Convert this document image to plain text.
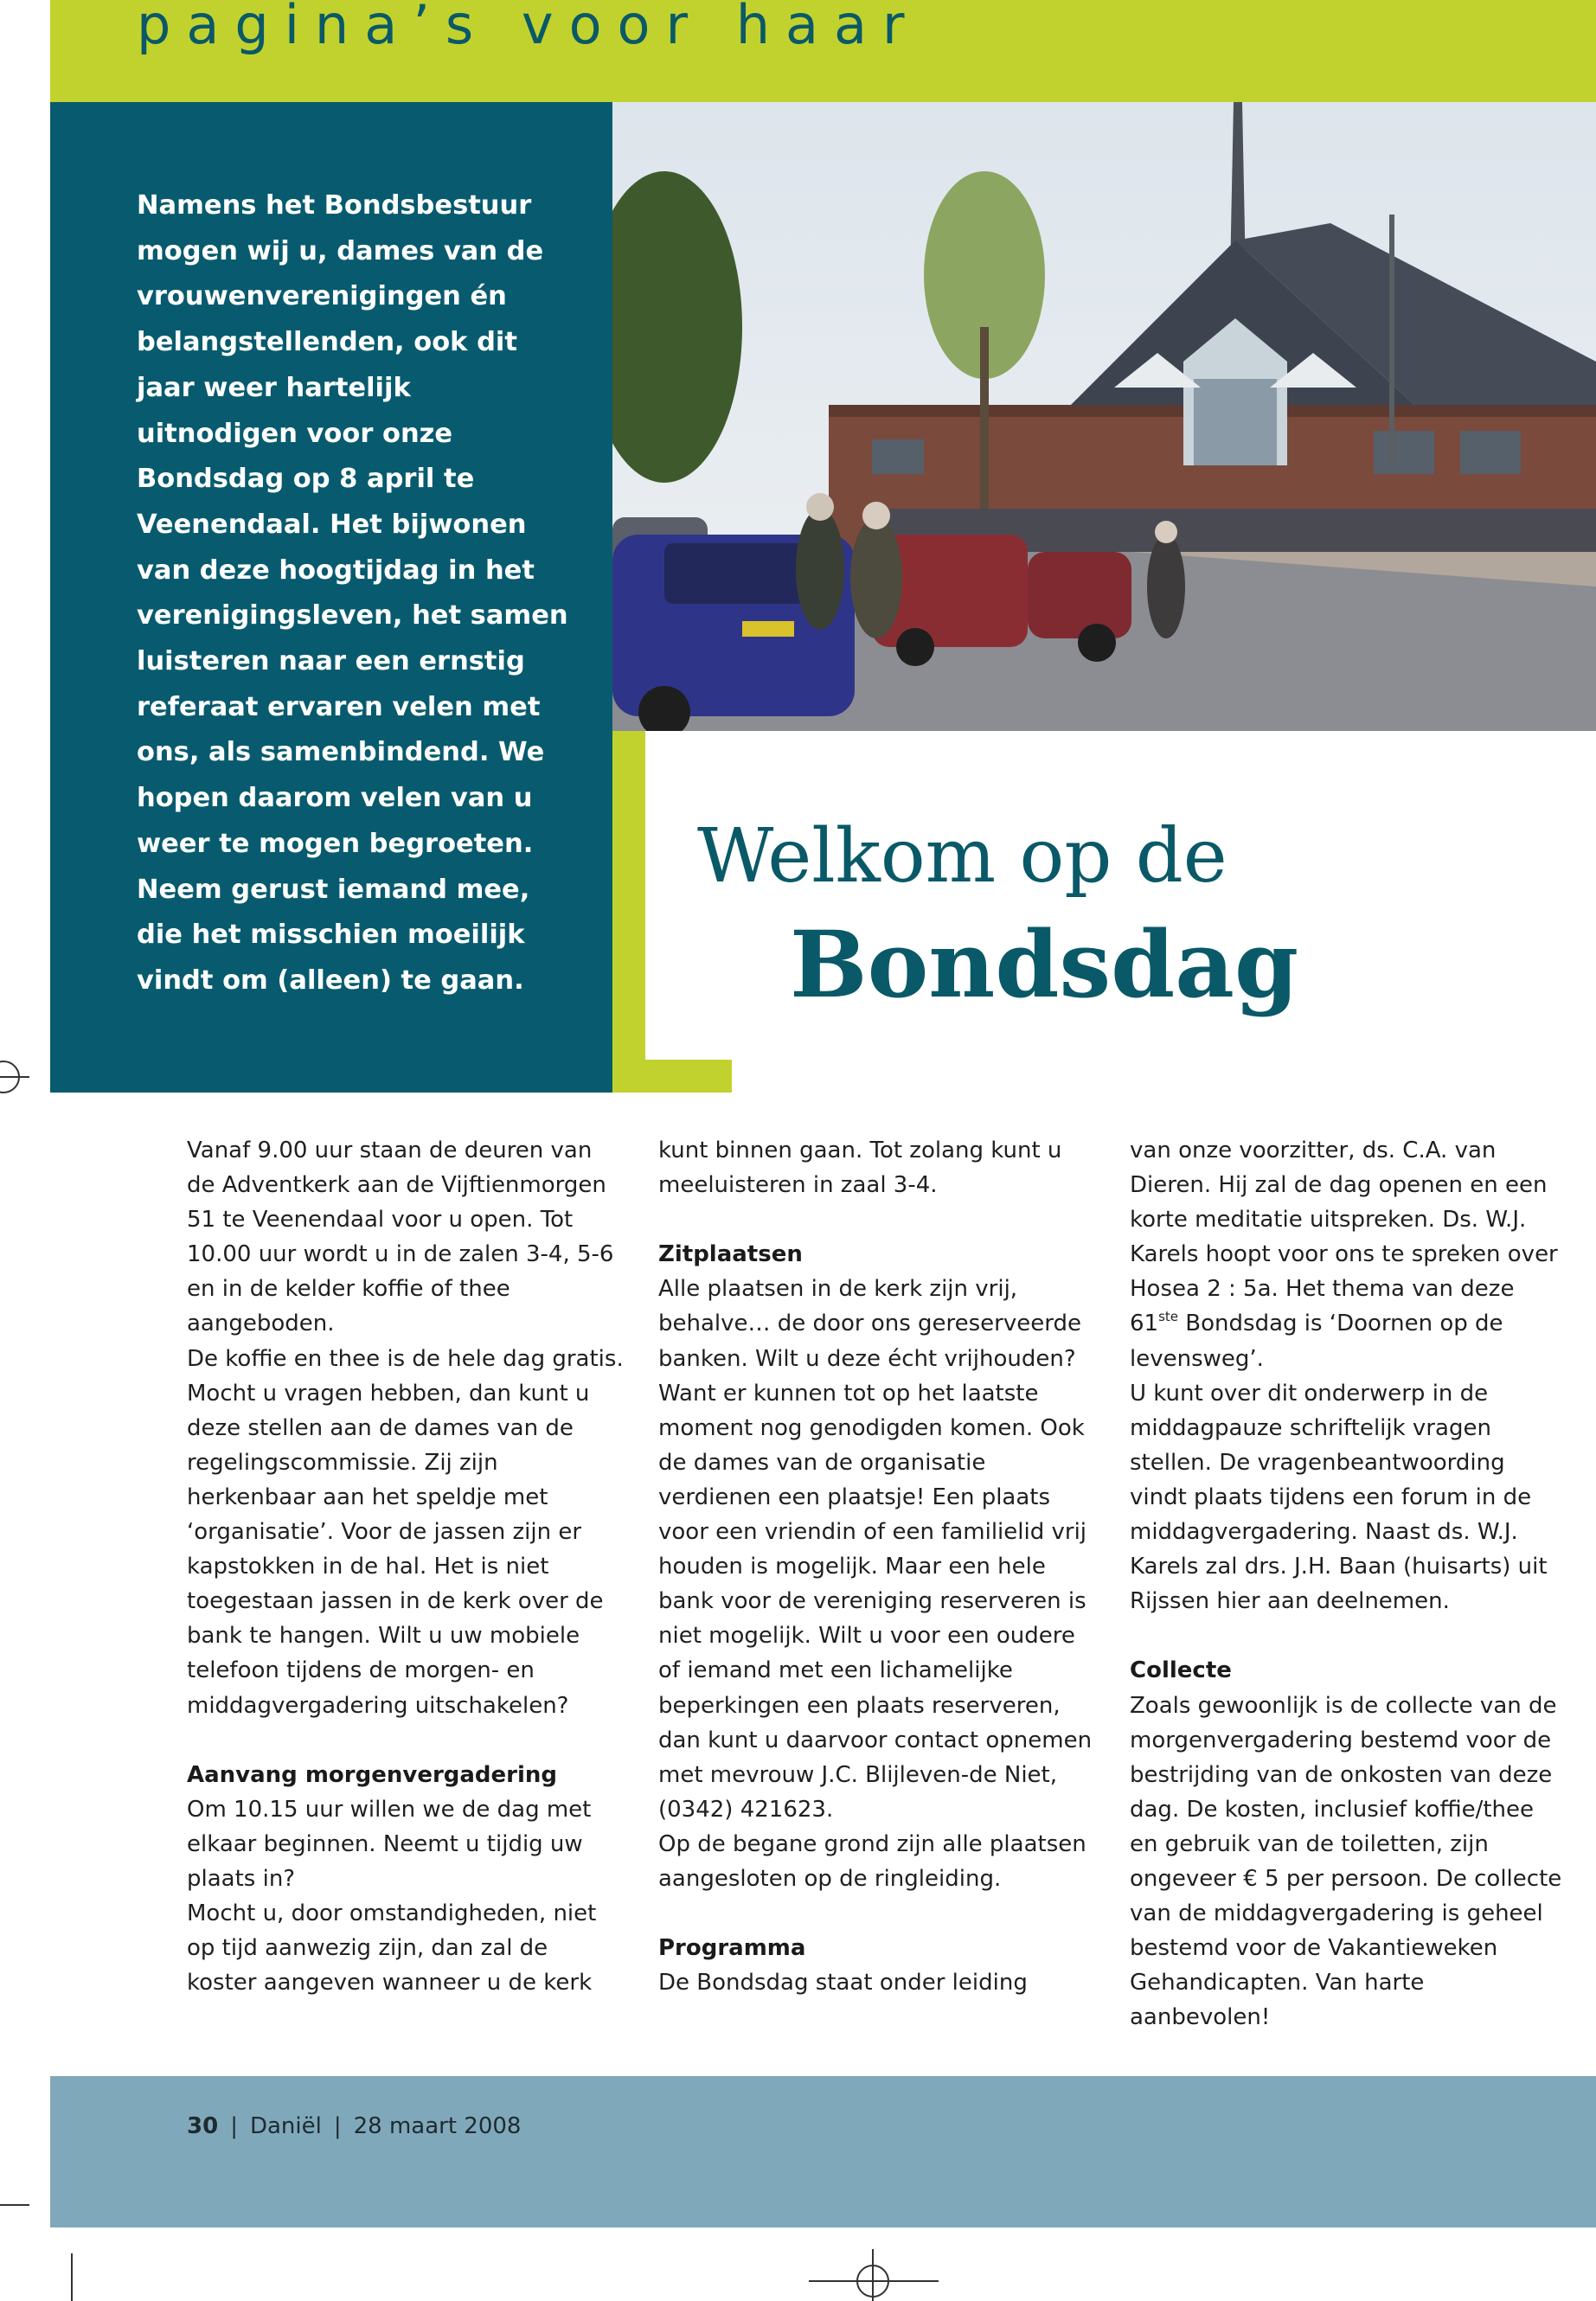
pagina’s voor haar

Namens het Bondsbestuur mogen wij u, dames van de vrouwenverenigingen én belangstellenden, ook dit jaar weer hartelijk uitnodigen voor onze Bondsdag op 8 april te Veenendaal. Het bijwonen van deze hoogtijdag in het verenigingsleven, het samen luisteren naar een ernstig referaat ervaren velen met ons, als samenbindend. We hopen daarom velen van u weer te mogen begroeten. Neem gerust iemand mee, die het misschien moeilijk vindt om (alleen) te gaan.

Welkom op de
Bondsdag

Vanaf 9.00 uur staan de deuren van de Adventkerk aan de Vijftienmorgen 51 te Veenendaal voor u open. Tot 10.00 uur wordt u in de zalen 3-4, 5-6 en in de kelder koffie of thee aangeboden.

De koffie en thee is de hele dag gratis. Mocht u vragen hebben, dan kunt u deze stellen aan de dames van de regelingscommissie. Zij zijn herkenbaar aan het speldje met ‘organisatie’. Voor de jassen zijn er kapstokken in de hal. Het is niet toegestaan jassen in de kerk over de bank te hangen. Wilt u uw mobiele telefoon tijdens de morgen- en middagvergadering uitschakelen?

Aanvang morgenvergadering

Om 10.15 uur willen we de dag met elkaar beginnen. Neemt u tijdig uw plaats in?

Mocht u, door omstandigheden, niet op tijd aanwezig zijn, dan zal de koster aangeven wanneer u de kerk

kunt binnen gaan. Tot zolang kunt u meeluisteren in zaal 3-4.

Zitplaatsen

Alle plaatsen in de kerk zijn vrij, behalve… de door ons gereserveerde banken. Wilt u deze écht vrijhouden? Want er kunnen tot op het laatste moment nog genodigden komen. Ook de dames van de organisatie verdienen een plaatsje! Een plaats voor een vriendin of een familielid vrij houden is mogelijk. Maar een hele bank voor de vereniging reserveren is niet mogelijk. Wilt u voor een oudere of iemand met een lichamelijke beperkingen een plaats reserveren, dan kunt u daarvoor contact opnemen met mevrouw J.C. Blijleven-de Niet, (0342) 421623.

Op de begane grond zijn alle plaatsen aangesloten op de ringleiding.

Programma

De Bondsdag staat onder leiding

van onze voorzitter, ds. C.A. van Dieren. Hij zal de dag openen en een korte meditatie uitspreken. Ds. W.J. Karels hoopt voor ons te spreken over Hosea 2 : 5a. Het thema van deze 61ste Bondsdag is ‘Doornen op de levensweg’.

U kunt over dit onderwerp in de middagpauze schriftelijk vragen stellen. De vragenbeantwoording vindt plaats tijdens een forum in de middagvergadering. Naast ds. W.J. Karels zal drs. J.H. Baan (huisarts) uit Rijssen hier aan deelnemen.

Collecte

Zoals gewoonlijk is de collecte van de morgenvergadering bestemd voor de bestrijding van de onkosten van deze dag. De kosten, inclusief koffie/thee en gebruik van de toiletten, zijn ongeveer € 5 per persoon. De collecte van de middagvergadering is geheel bestemd voor de Vakantieweken Gehandicapten. Van harte aanbevolen!

30 | Daniël | 28 maart 2008
